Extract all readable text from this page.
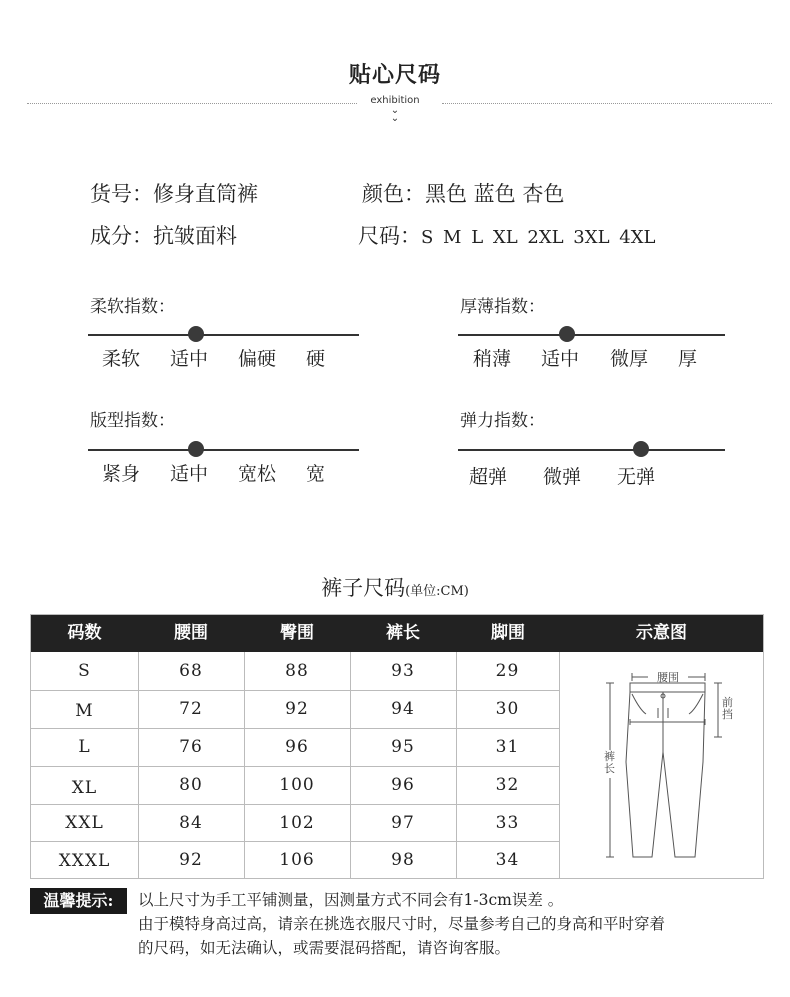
贴心尺码
exhibition
⌄
⌄
货号：修身直筒裤	颜色：黑色 蓝色 杏色
成分：抗皱面料	尺码：S M L XL 2XL 3XL 4XL
柔软指数：
柔软 适中 偏硬 硬
厚薄指数：
稍薄 适中 微厚 厚
版型指数：
紧身 适中 宽松 宽
弹力指数：
超弹 微弹 无弹
裤子尺码(单位:CM)
码数	腰围	臀围	裤长	脚围	示意图
S	68	88	93	29
M	72	92	94	30
L	76	96	95	31
XL	80	100	96	32
XXL	84	102	97	33
XXXL	92	106	98	34
腰围
前挡
裤长
温馨提示:	以上尺寸为手工平铺测量，因测量方式不同会有1-3cm误差 。
由于模特身高过高，请亲在挑选衣服尺寸时，尽量参考自己的身高和平时穿着
的尺码，如无法确认，或需要混码搭配，请咨询客服。
